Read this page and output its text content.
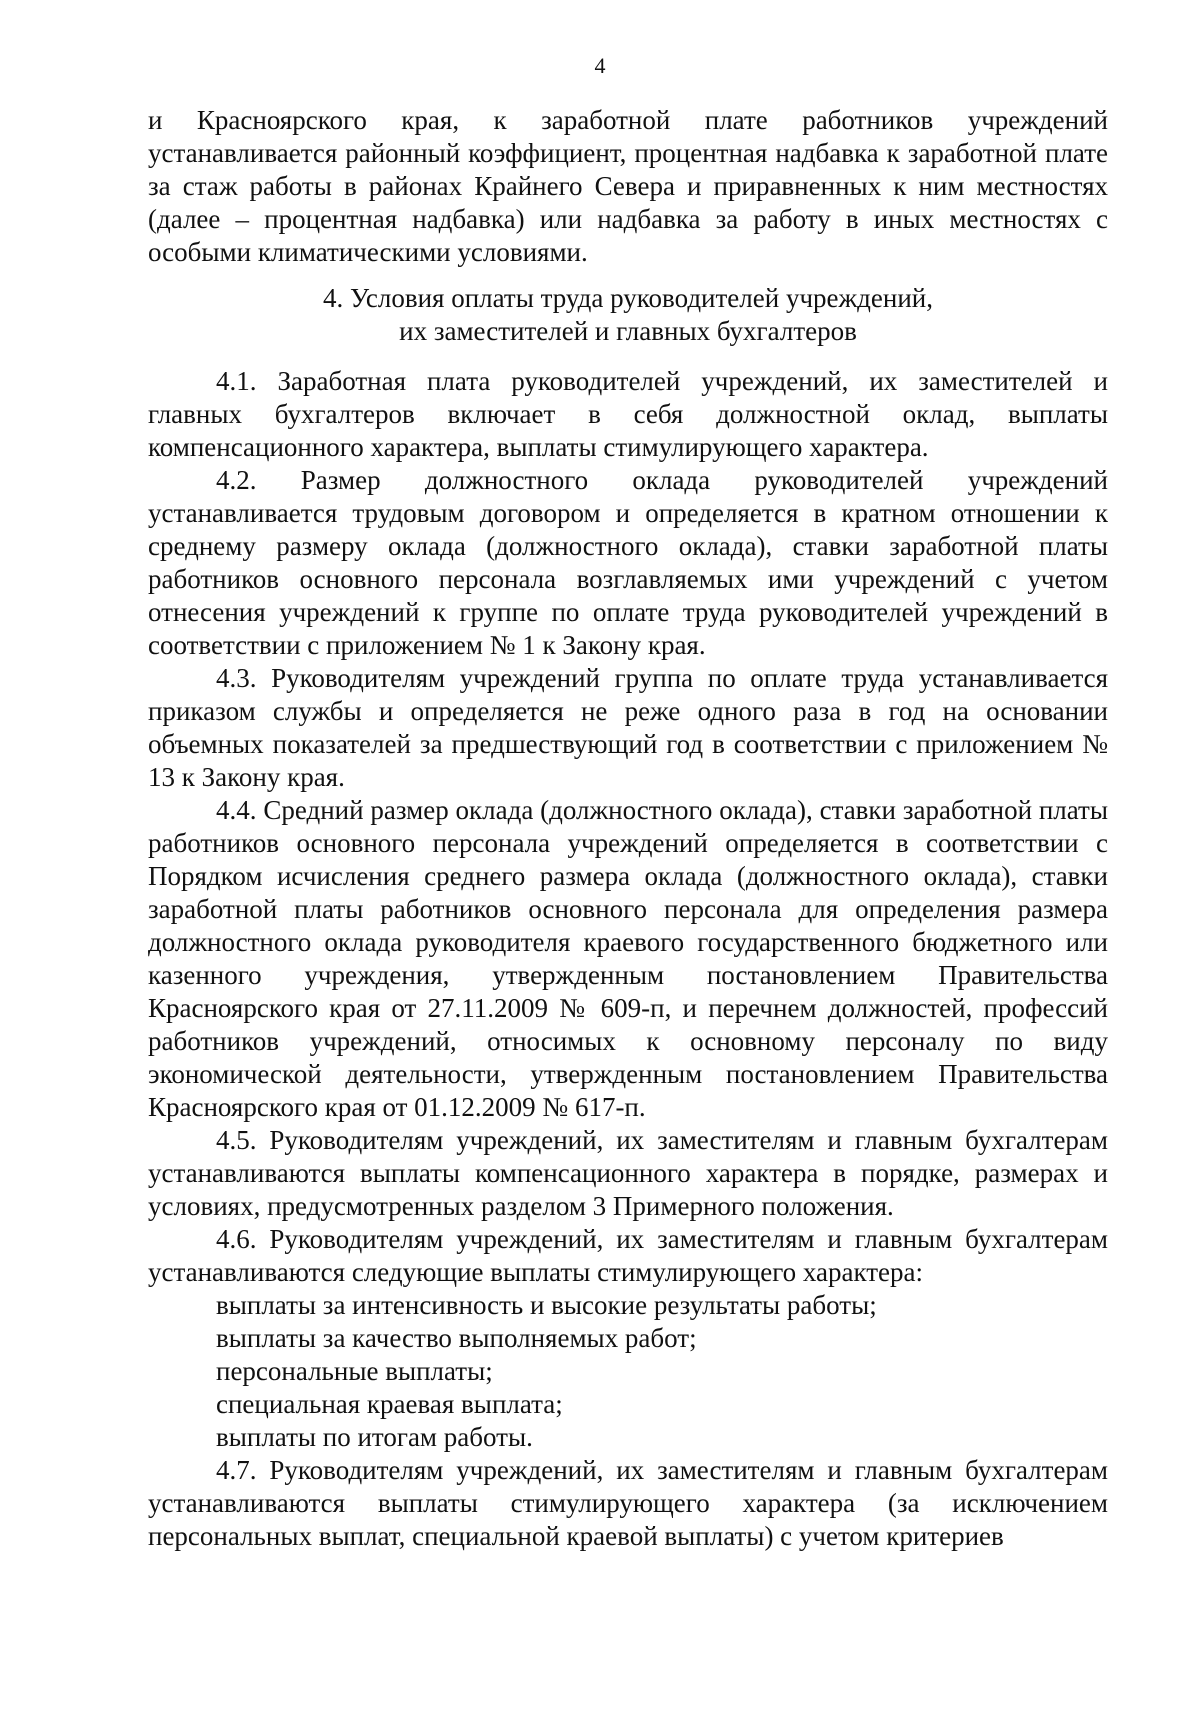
4

и Красноярского края, к заработной плате работников учреждений устанавливается районный коэффициент, процентная надбавка к заработной плате за стаж работы в районах Крайнего Севера и приравненных к ним местностях (далее – процентная надбавка) или надбавка за работу в иных местностях с особыми климатическими условиями.

4. Условия оплаты труда руководителей учреждений,

их заместителей и главных бухгалтеров

4.1. Заработная плата руководителей учреждений, их заместителей и главных бухгалтеров включает в себя должностной оклад, выплаты компенсационного характера, выплаты стимулирующего характера.

4.2. Размер должностного оклада руководителей учреждений устанавливается трудовым договором и определяется в кратном отношении к среднему размеру оклада (должностного оклада), ставки заработной платы работников основного персонала возглавляемых ими учреждений с учетом отнесения учреждений к группе по оплате труда руководителей учреждений в соответствии с приложением № 1 к Закону края.

4.3. Руководителям учреждений группа по оплате труда устанавливается приказом службы и определяется не реже одного раза в год на основании объемных показателей за предшествующий год в соответствии с приложением № 13 к Закону края.

4.4. Средний размер оклада (должностного оклада), ставки заработной платы работников основного персонала учреждений определяется в соответствии с Порядком исчисления среднего размера оклада (должностного оклада), ставки заработной платы работников основного персонала для определения размера должностного оклада руководителя краевого государственного бюджетного или казенного учреждения, утвержденным постановлением Правительства Красноярского края от 27.11.2009 № 609-п, и перечнем должностей, профессий работников учреждений, относимых к основному персоналу по виду экономической деятельности, утвержденным постановлением Правительства Красноярского края от 01.12.2009 № 617-п.

4.5. Руководителям учреждений, их заместителям и главным бухгалтерам устанавливаются выплаты компенсационного характера в порядке, размерах и условиях, предусмотренных разделом 3 Примерного положения.

4.6. Руководителям учреждений, их заместителям и главным бухгалтерам устанавливаются следующие выплаты стимулирующего характера:

выплаты за интенсивность и высокие результаты работы;

выплаты за качество выполняемых работ;

персональные выплаты;

специальная краевая выплата;

выплаты по итогам работы.

4.7. Руководителям учреждений, их заместителям и главным бухгалтерам устанавливаются выплаты стимулирующего характера (за исключением персональных выплат, специальной краевой выплаты) с учетом критериев
